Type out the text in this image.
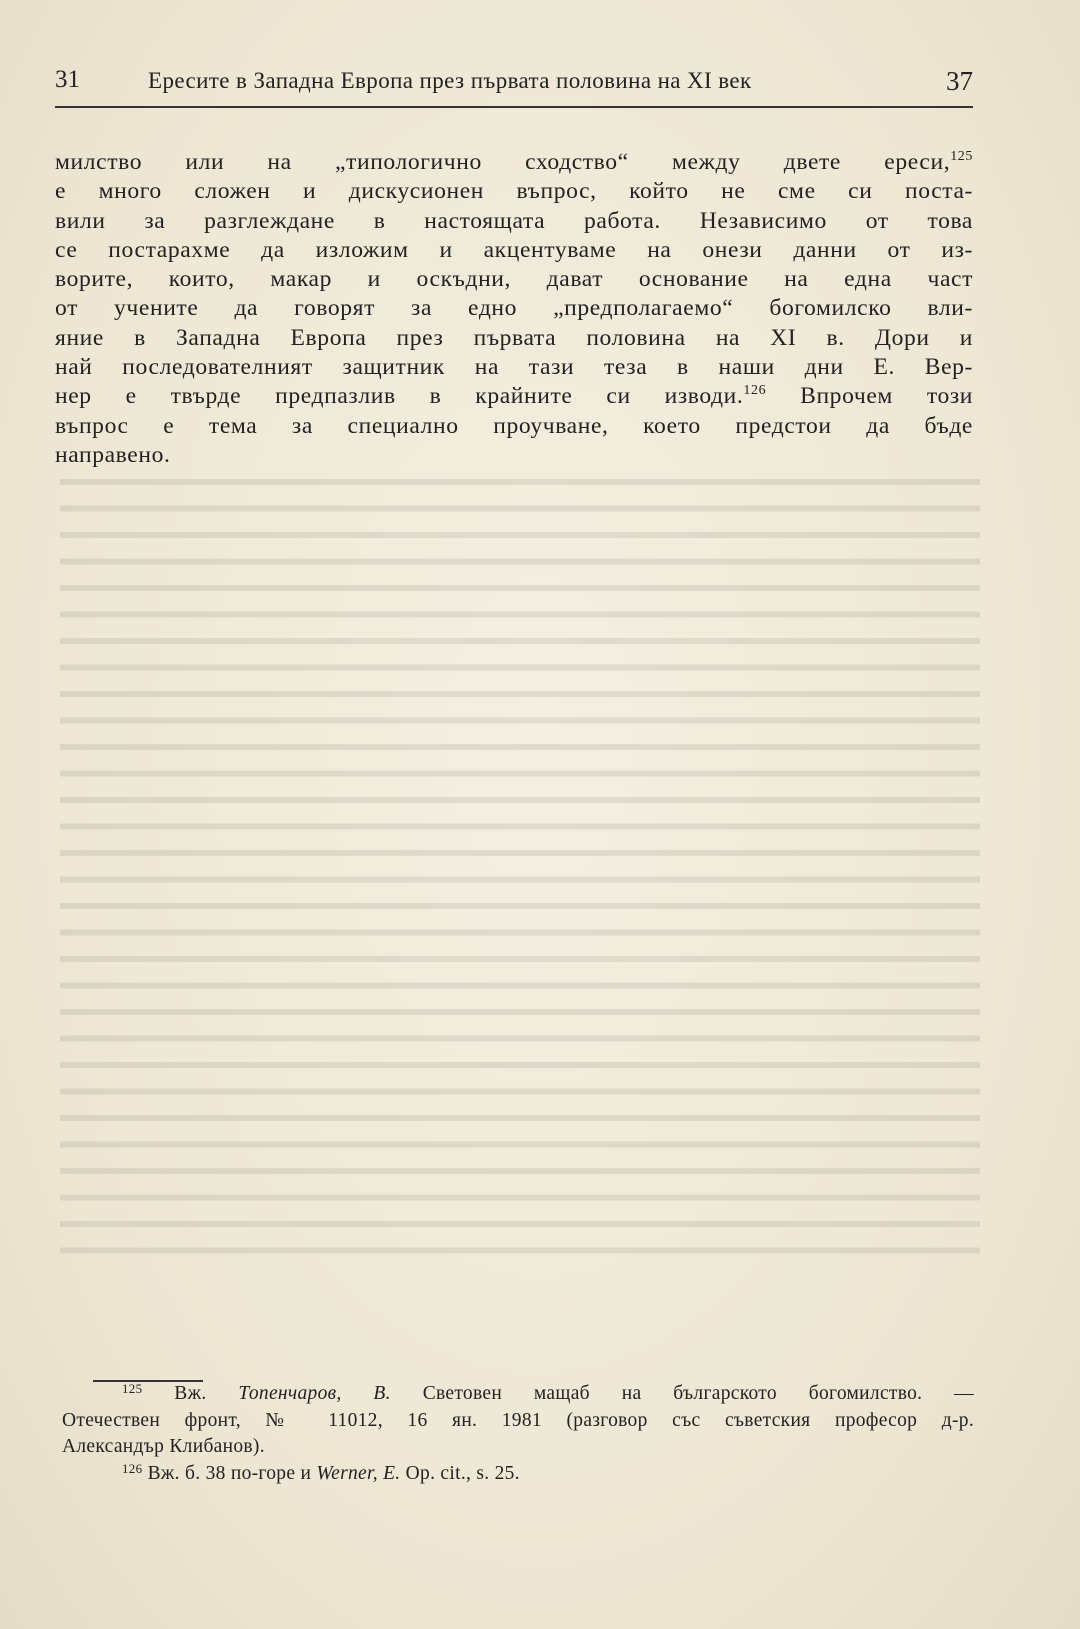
31	Ересите в Западна Европа през първата половина на XI век	37
милство или на „типологично сходство“ между двете ереси,$^{125}$
е много сложен и дискусионен въпрос, който не сме си поста-
вили за разглеждане в настоящата работа. Независимо от това
се постарахме да изложим и акцентуваме на онези данни от из-
ворите, които, макар и оскъдни, дават основание на една част
от учените да говорят за едно „предполагаемо“ богомилско вли-
яние в Западна Европа през първата половина на XI в. Дори и
най последователният защитник на тази теза в наши дни Е. Вер-
нер е твърде предпазлив в крайните си изводи.$^{126}$ Впрочем този
въпрос е тема за специално проучване, което предстои да бъде
направено.
$^{125}$ Вж. Топенчаров, В. Световен мащаб на българското богомилство. —
Отечествен фронт, № 11012, 16 ян. 1981 (разговор със съветския професор д-р.
Александър Клибанов).
$^{126}$ Вж. б. 38 по-горе и Werner, E. Op. cit., s. 25.
